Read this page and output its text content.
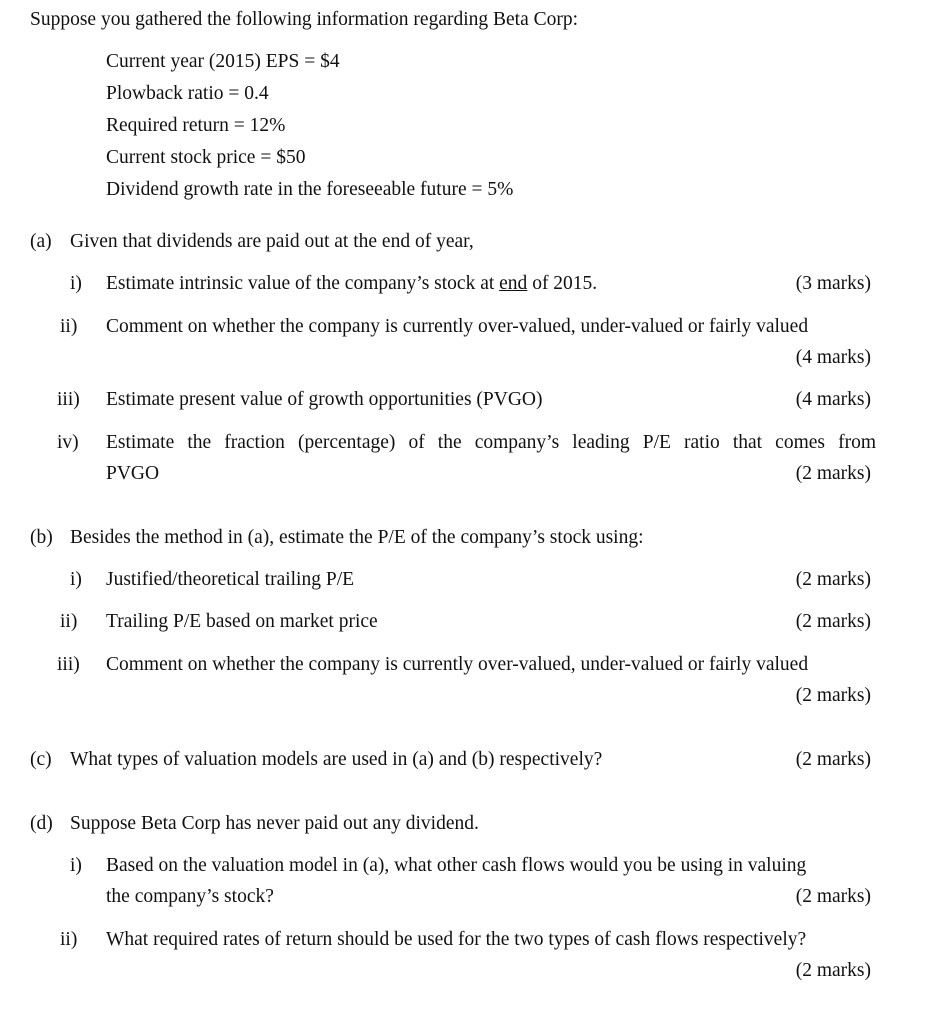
Suppose you gathered the following information regarding Beta Corp:
Current year (2015) EPS = $4
Plowback ratio = 0.4
Required return = 12%
Current stock price = $50
Dividend growth rate in the foreseeable future = 5%
(a) Given that dividends are paid out at the end of year,
i) Estimate intrinsic value of the company’s stock at end of 2015.	(3 marks)
ii) Comment on whether the company is currently over-valued, under-valued or fairly valued
(4 marks)
iii) Estimate present value of growth opportunities (PVGO)	(4 marks)
iv) Estimate the fraction (percentage) of the company’s leading P/E ratio that comes from
PVGO	(2 marks)
(b) Besides the method in (a), estimate the P/E of the company’s stock using:
i) Justified/theoretical trailing P/E	(2 marks)
ii) Trailing P/E based on market price	(2 marks)
iii) Comment on whether the company is currently over-valued, under-valued or fairly valued
(2 marks)
(c) What types of valuation models are used in (a) and (b) respectively?	(2 marks)
(d) Suppose Beta Corp has never paid out any dividend.
i) Based on the valuation model in (a), what other cash flows would you be using in valuing
the company’s stock?	(2 marks)
ii) What required rates of return should be used for the two types of cash flows respectively?
(2 marks)
